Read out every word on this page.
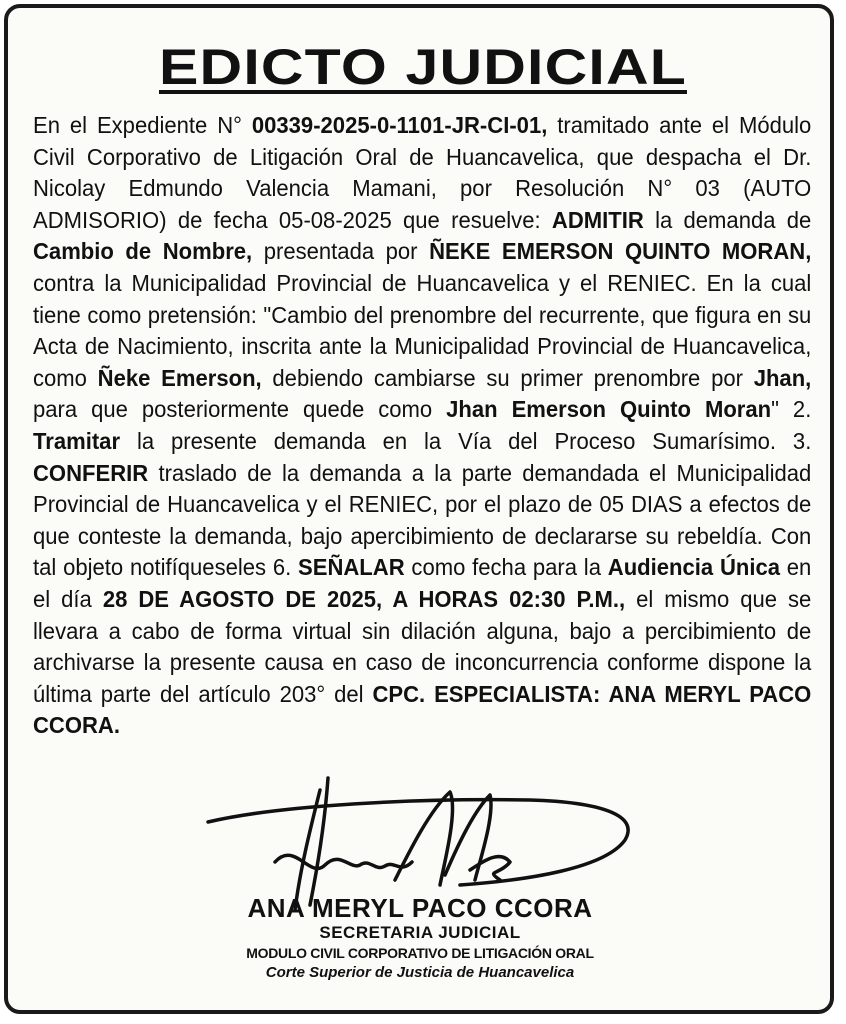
EDICTO JUDICIAL
En el Expediente N° 00339-2025-0-1101-JR-CI-01, tramitado ante el Módulo Civil Corporativo de Litigación Oral de Huancavelica, que despacha el Dr. Nicolay Edmundo Valencia Mamani, por Resolución N° 03 (AUTO ADMISORIO) de fecha 05-08-2025 que resuelve: ADMITIR la demanda de Cambio de Nombre, presentada por ÑEKE EMERSON QUINTO MORAN, contra la Municipalidad Provincial de Huancavelica y el RENIEC. En la cual tiene como pretensión: "Cambio del prenombre del recurrente, que figura en su Acta de Nacimiento, inscrita ante la Municipalidad Provincial de Huancavelica, como Ñeke Emerson, debiendo cambiarse su primer prenombre por Jhan, para que posteriormente quede como Jhan Emerson Quinto Moran" 2. Tramitar la presente demanda en la Vía del Proceso Sumarísimo. 3. CONFERIR traslado de la demanda a la parte demandada el Municipalidad Provincial de Huancavelica y el RENIEC, por el plazo de 05 DIAS a efectos de que conteste la demanda, bajo apercibimiento de declararse su rebeldía. Con tal objeto notifíqueseles 6. SEÑALAR como fecha para la Audiencia Única en el día 28 DE AGOSTO DE 2025, A HORAS 02:30 P.M., el mismo que se llevara a cabo de forma virtual sin dilación alguna, bajo a percibimiento de archivarse la presente causa en caso de inconcurrencia conforme dispone la última parte del artículo 203° del CPC. ESPECIALISTA: ANA MERYL PACO CCORA.
ANA MERYL PACO CCORA
SECRETARIA JUDICIAL
MODULO CIVIL CORPORATIVO DE LITIGACIÓN ORAL
Corte Superior de Justicia de Huancavelica
